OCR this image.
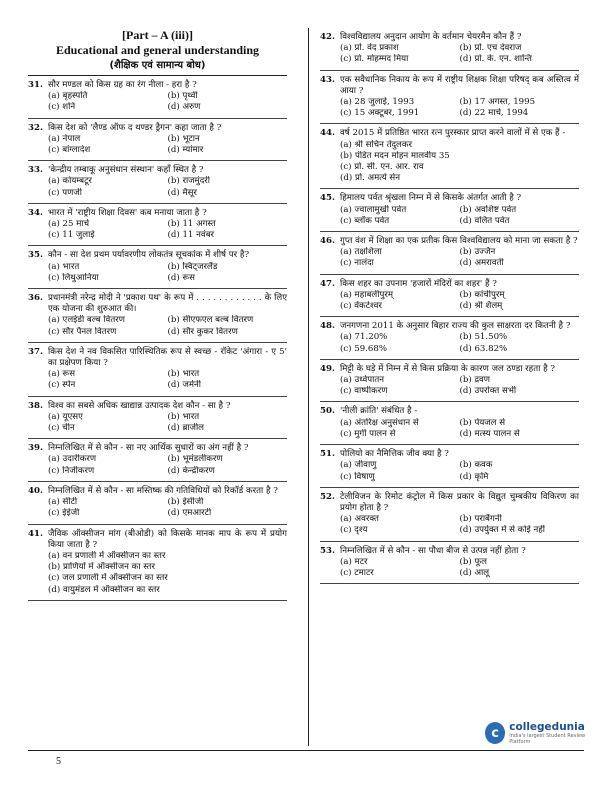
[Part – A (iii)]
Educational and general understanding
(शैक्षिक एवं सामान्य बोध)
31. सौर मण्डल को किस ग्रह का रंग नीला - हरा है ?
(a) बृहस्पति	(b) पृथ्वी
(c) शनि	(d) अरुण
32. किस देश को 'लैण्ड ऑफ द थण्डर ड्रैगन' कहा जाता है ?
(a) नेपाल	(b) भूटान
(c) बांग्लादेश	(d) म्यांमार
33. 'केन्द्रीय तम्बाकू अनुसंधान संस्थान' कहाँ स्थित है ?
(a) कोयम्बटूर	(b) राजमुंदरी
(c) पणजी	(d) मैसूर
34. भारत में 'राष्ट्रीय शिक्षा दिवस' कब मनाया जाता है ?
(a) 25 मार्च	(b) 11 अगस्त
(c) 11 जुलाई	(d) 11 नवंबर
35. कौन - सा देश प्रथम पर्यावरणीय लोकतंत्र सूचकांक में शीर्ष पर है?
(a) भारत	(b) स्विट्जरलैंड
(c) लिथुआनिया	(d) रूस
36. प्रधानमंत्री नरेन्द्र मोदी ने 'प्रकाश पथ' के रूप में . . . . . . . . . . . . के लिए एक योजना की शुरुआत की।
(a) एलईडी बल्ब वितरण	(b) सीएफएल बल्ब वितरण
(c) सौर पैनल वितरण	(d) सौर कुकर वितरण
37. किस देश ने नव विकसित पारिस्थितिक रूप से स्वच्छ - रॉकेट 'अंगारा - ए 5' का प्रक्षेपण किया ?
(a) रूस	(b) भारत
(c) स्पेन	(d) जर्मनी
38. विश्व का सबसे अधिक खाद्यान्न उत्पादक देश कौन - सा है ?
(a) यूएसए	(b) भारत
(c) चीन	(d) ब्राजील
39. निम्नलिखित में से कौन - सा नए आर्थिक सुधारों का अंग नहीं है ?
(a) उदारीकरण	(b) भूमंडलीकरण
(c) निजीकरण	(d) केन्द्रीकरण
40. निम्नलिखित में से कौन - सा मस्तिष्क की गतिविधियों को रिकॉर्ड करता है ?
(a) सीटी	(b) ईसीजी
(c) ईईजी	(d) एमआरटी
41. जैविक ऑक्सीजन मांग (बीओडी) को किसके मानक माप के रूप में प्रयोग किया जाता है ?
(a) वन प्रणाली में ऑक्सीजन का स्तर
(b) प्राणियों में ऑक्सीजन का स्तर
(c) जल प्रणाली में ऑक्सीजन का स्तर
(d) वायुमंडल में ऑक्सीजन का स्तर
42. विश्वविद्यालय अनुदान आयोग के वर्तमान चेयरमैन कौन हैं ?
(a) प्रो. वेद प्रकाश	(b) प्रो. एच देवराज
(c) प्रो. मोहम्मद मिया	(d) प्रो. के. एन. शान्ति
43. एक सवैधानिक निकाय के रूप में राष्ट्रीय शिक्षक शिक्षा परिषद् कब अस्तित्व में आया ?
(a) 28 जुलाई, 1993	(b) 17 अगस्त, 1995
(c) 15 अक्टूबर, 1991	(d) 22 मार्च, 1994
44. वर्ष 2015 में प्रतिष्ठित भारत रत्न पुरस्कार प्राप्त करने वालों में से एक हैं -
(a) श्री सचिन तेंदुलकर
(b) पंडित मदन मोहन मालवीय 35
(c) प्रो. सी. एन. आर. राव
(d) प्रो. अमर्त्य सेन
45. हिमालय पर्वत श्रृंखला निम्न में से किसके अंतर्गत आती है ?
(a) ज्वालामुखी पर्वत	(b) अवशिष्ट पर्वत
(c) ब्लॉक पर्वत	(d) वलित पर्वत
46. गुप्त वंश में शिक्षा का एक प्रतीक किस विश्वविद्यालय को माना जा सकता है ?
(a) तक्षशिला	(b) उज्जैन
(c) नालंदा	(d) अमरावती
47. किस शहर का उपनाम 'हजारों मंदिरों का शहर' हैं ?
(a) महाबलीपुरम्	(b) कांचीपुरम्
(c) वेंकटेश्वर	(d) श्री शैलम्
48. जनगणना 2011 के अनुसार बिहार राज्य की कुल साक्षरता दर कितनी है ?
(a) 71.20%	(b) 51.50%
(c) 59.68%	(d) 63.82%
49. मिट्टी के घड़े में निम्न में से किस प्रक्रिया के कारण जल ठण्डा रहता है ?
(a) उर्ध्वपातन	(b) द्रवण
(c) वाष्पीकरण	(d) उपरोक्त सभी
50. 'नीली क्रांति' संबंधित है -
(a) अंतरिक्ष अनुसंधान से	(b) पेयजल से
(c) मुर्गी पालन से	(d) मत्स्य पालन से
51. पोलियो का नैमित्तिक जीव क्या है ?
(a) जीवाणु	(b) कवक
(c) विषाणु	(d) कृमि
52. टेलीविजन के रिमोट कंट्रोल में किस प्रकार के विद्युत चुम्बकीय विकिरण का प्रयोग होता है ?
(a) अवरक्त	(b) पराबैंगनी
(c) दृश्य	(d) उपर्युक्त में से कोई नहीं
53. निम्नलिखित में से कौन - सा पौधा बीज से उत्पन्न नहीं होता ?
(a) मटर	(b) फूल
(c) टमाटर	(d) आलू
c collegedunia
India's largest Student Review Platform
5
